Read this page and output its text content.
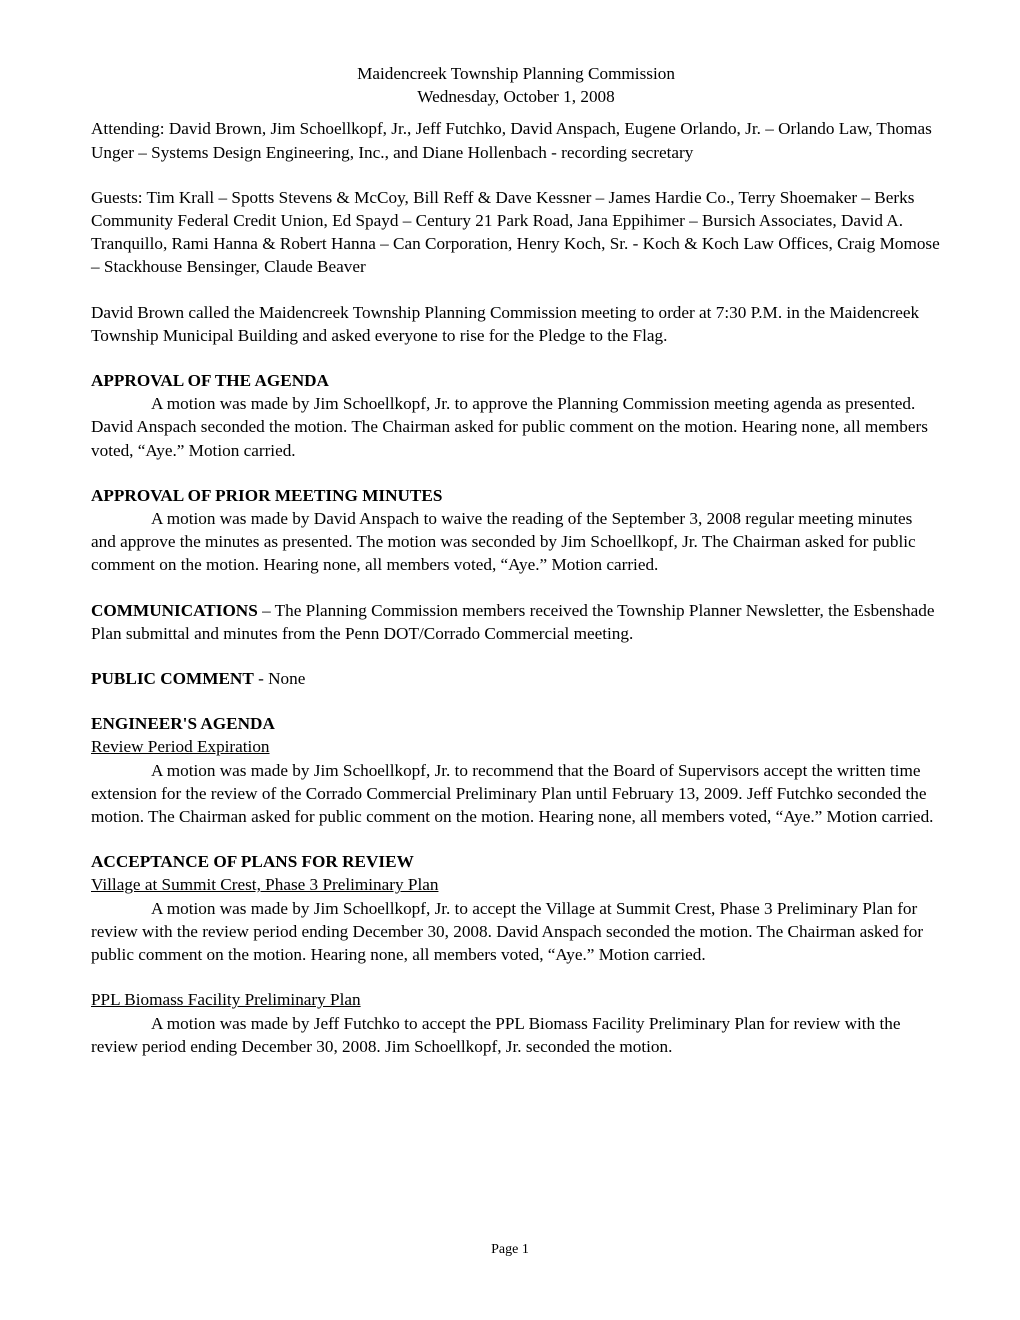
Maidencreek Township Planning Commission

Wednesday, October 1, 2008

Attending: David Brown, Jim Schoellkopf, Jr., Jeff Futchko, David Anspach, Eugene Orlando, Jr. – Orlando Law, Thomas Unger – Systems Design Engineering, Inc., and Diane Hollenbach - recording secretary

Guests: Tim Krall – Spotts Stevens & McCoy, Bill Reff & Dave Kessner – James Hardie Co., Terry Shoemaker – Berks Community Federal Credit Union, Ed Spayd – Century 21 Park Road, Jana Eppihimer – Bursich Associates, David A. Tranquillo, Rami Hanna & Robert Hanna – Can Corporation, Henry Koch, Sr. - Koch & Koch Law Offices, Craig Momose – Stackhouse Bensinger, Claude Beaver

David Brown called the Maidencreek Township Planning Commission meeting to order at 7:30 P.M. in the Maidencreek Township Municipal Building and asked everyone to rise for the Pledge to the Flag.

APPROVAL OF THE AGENDA

A motion was made by Jim Schoellkopf, Jr. to approve the Planning Commission meeting agenda as presented. David Anspach seconded the motion. The Chairman asked for public comment on the motion. Hearing none, all members voted, “Aye.” Motion carried.

APPROVAL OF PRIOR MEETING MINUTES

A motion was made by David Anspach to waive the reading of the September 3, 2008 regular meeting minutes and approve the minutes as presented. The motion was seconded by Jim Schoellkopf, Jr. The Chairman asked for public comment on the motion. Hearing none, all members voted, “Aye.” Motion carried.

COMMUNICATIONS – The Planning Commission members received the Township Planner Newsletter, the Esbenshade Plan submittal and minutes from the Penn DOT/Corrado Commercial meeting.

PUBLIC COMMENT - None

ENGINEER'S AGENDA

Review Period Expiration

A motion was made by Jim Schoellkopf, Jr. to recommend that the Board of Supervisors accept the written time extension for the review of the Corrado Commercial Preliminary Plan until February 13, 2009. Jeff Futchko seconded the motion. The Chairman asked for public comment on the motion. Hearing none, all members voted, “Aye.” Motion carried.

ACCEPTANCE OF PLANS FOR REVIEW

Village at Summit Crest, Phase 3 Preliminary Plan

A motion was made by Jim Schoellkopf, Jr. to accept the Village at Summit Crest, Phase 3 Preliminary Plan for review with the review period ending December 30, 2008. David Anspach seconded the motion. The Chairman asked for public comment on the motion. Hearing none, all members voted, “Aye.” Motion carried.

PPL Biomass Facility Preliminary Plan

A motion was made by Jeff Futchko to accept the PPL Biomass Facility Preliminary Plan for review with the review period ending December 30, 2008. Jim Schoellkopf, Jr. seconded the motion.

Page 1
